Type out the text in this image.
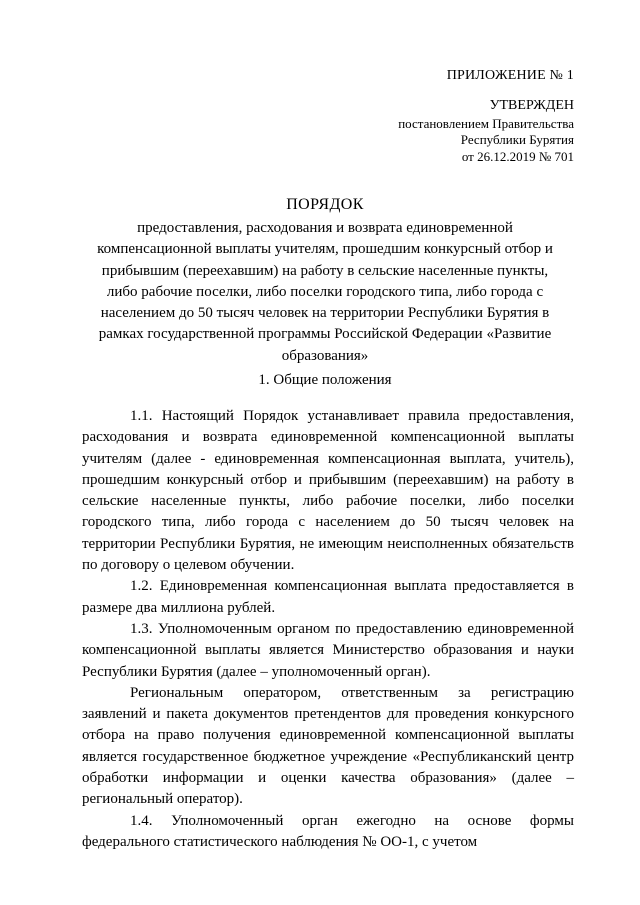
ПРИЛОЖЕНИЕ № 1
УТВЕРЖДЕН
постановлением Правительства
Республики Бурятия
от 26.12.2019 № 701
ПОРЯДОК
предоставления, расходования и возврата единовременной компенсационной выплаты учителям, прошедшим конкурсный отбор и прибывшим (переехавшим) на работу в сельские населенные пункты, либо рабочие поселки, либо поселки городского типа, либо города с населением до 50 тысяч человек на территории Республики Бурятия в рамках государственной программы Российской Федерации «Развитие образования»
1. Общие положения

1.1. Настоящий Порядок устанавливает правила предоставления, расходования и возврата единовременной компенсационной выплаты учителям (далее - единовременная компенсационная выплата, учитель), прошедшим конкурсный отбор и прибывшим (переехавшим) на работу в сельские населенные пункты, либо рабочие поселки, либо поселки городского типа, либо города с населением до 50 тысяч человек на территории Республики Бурятия, не имеющим неисполненных обязательств по договору о целевом обучении.

1.2. Единовременная компенсационная выплата предоставляется в размере два миллиона рублей.

1.3. Уполномоченным органом по предоставлению единовременной компенсационной выплаты является Министерство образования и науки Республики Бурятия (далее – уполномоченный орган).

Региональным оператором, ответственным за регистрацию заявлений и пакета документов претендентов для проведения конкурсного отбора на право получения единовременной компенсационной выплаты является государственное бюджетное учреждение «Республиканский центр обработки информации и оценки качества образования» (далее – региональный оператор).

1.4. Уполномоченный орган ежегодно на основе формы федерального статистического наблюдения № ОО-1, с учетом
